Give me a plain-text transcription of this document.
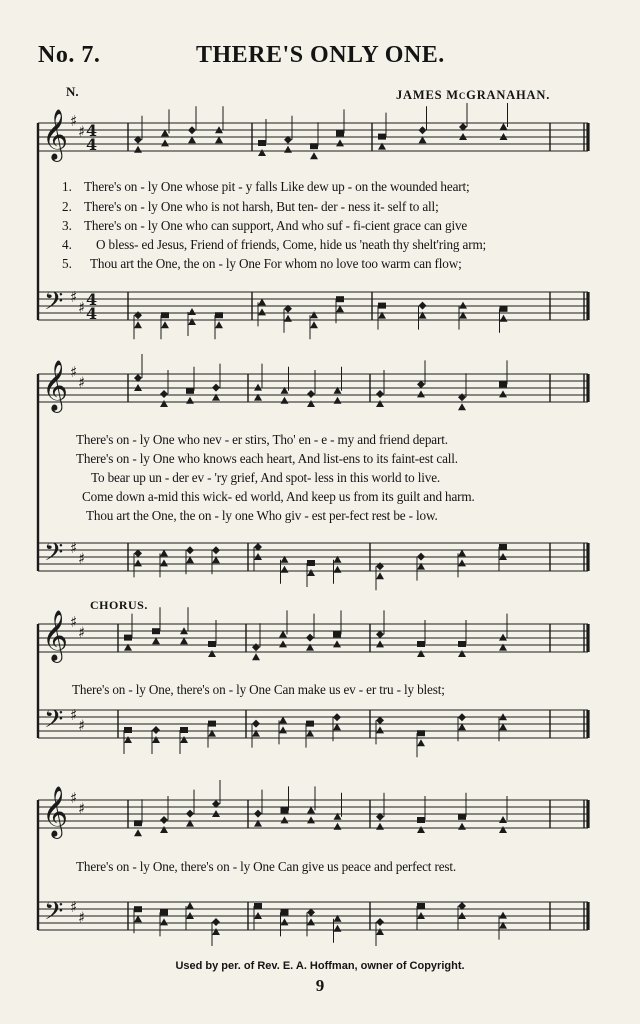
𝄞
𝄢
♯
♯
♯
♯
4
4
4
4
𝄞
𝄢
♯
♯
♯
♯
𝄞
𝄢
♯
♯
♯
♯
𝄞
𝄢
♯
♯
♯
♯
No. 7.	THERE'S ONLY ONE.
N.	JAMES McGRANAHAN.
1. There's on - ly One whose pit - y falls Like dew up - on the wounded heart;
2. There's on - ly One who is not harsh, But ten- der - ness it- self to all;
3. There's on - ly One who can support, And who suf - fi-cient grace can give
4. O bless- ed Jesus, Friend of friends, Come, hide us 'neath thy shelt'ring arm;
5. Thou art the One, the on - ly One For whom no love too warm can flow;
There's on - ly One who nev - er stirs, Tho' en - e - my and friend depart.
There's on - ly One who knows each heart, And list-ens to its faint-est call.
To bear up un - der ev - 'ry grief, And spot- less in this world to live.
Come down a-mid this wick- ed world, And keep us from its guilt and harm.
Thou art the One, the on - ly one Who giv - est per-fect rest be - low.
CHORUS.
There's on - ly One, there's on - ly One Can make us ev - er tru - ly blest;
There's on - ly One, there's on - ly One Can give us peace and perfect rest.
Used by per. of Rev. E. A. Hoffman, owner of Copyright.
9
